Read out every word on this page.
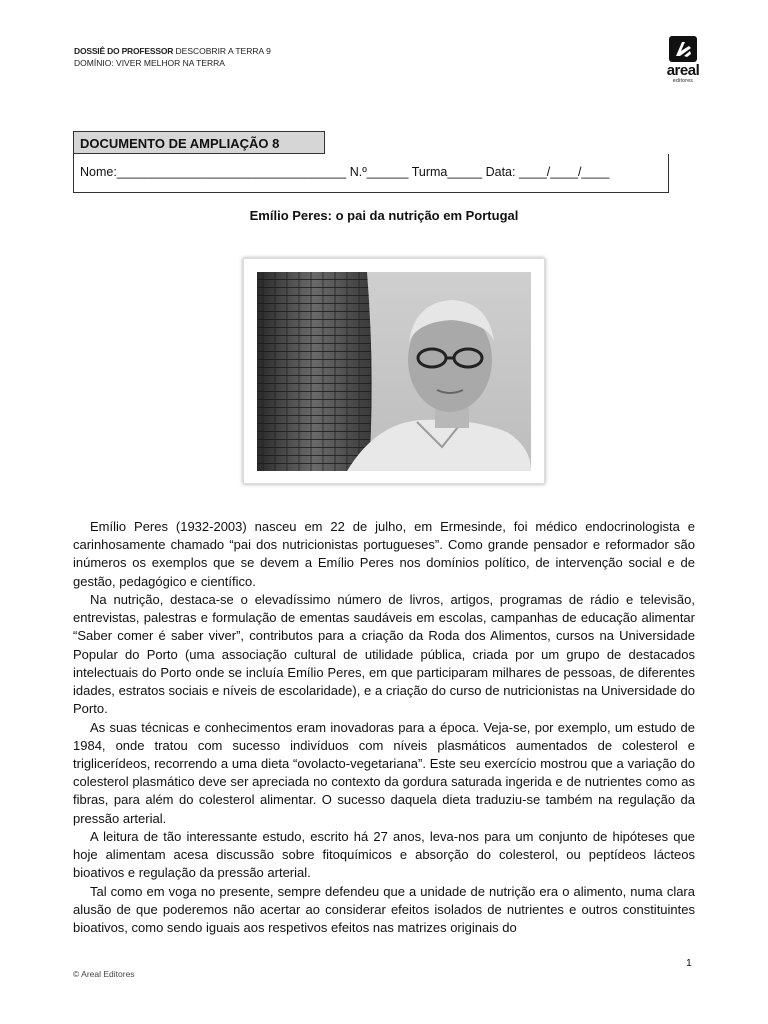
DOSSIÊ DO PROFESSOR DESCOBRIR A TERRA 9
DOMÍNIO: VIVER MELHOR NA TERRA	areal
editores
DOCUMENTO DE AMPLIAÇÃO 8
Nome:_________________________________ N.º______ Turma_____ Data: ____/____/____
Emílio Peres: o pai da nutrição em Portugal

Emílio Peres (1932-2003) nasceu em 22 de julho, em Ermesinde, foi médico endocrinologista e carinhosamente chamado “pai dos nutricionistas portugueses”. Como grande pensador e reformador são inúmeros os exemplos que se devem a Emílio Peres nos domínios político, de intervenção social e de gestão, pedagógico e científico.

Na nutrição, destaca-se o elevadíssimo número de livros, artigos, programas de rádio e televisão, entrevistas, palestras e formulação de ementas saudáveis em escolas, campanhas de educação alimentar “Saber comer é saber viver”, contributos para a criação da Roda dos Alimentos, cursos na Universidade Popular do Porto (uma associação cultural de utilidade pública, criada por um grupo de destacados intelectuais do Porto onde se incluía Emílio Peres, em que participaram milhares de pessoas, de diferentes idades, estratos sociais e níveis de escolaridade), e a criação do curso de nutricionistas na Universidade do Porto.

As suas técnicas e conhecimentos eram inovadoras para a época. Veja-se, por exemplo, um estudo de 1984, onde tratou com sucesso indivíduos com níveis plasmáticos aumentados de colesterol e triglicerídeos, recorrendo a uma dieta “ovolacto-vegetariana”. Este seu exercício mostrou que a variação do colesterol plasmático deve ser apreciada no contexto da gordura saturada ingerida e de nutrientes como as fibras, para além do colesterol alimentar. O sucesso daquela dieta traduziu-se também na regulação da pressão arterial.

A leitura de tão interessante estudo, escrito há 27 anos, leva-nos para um conjunto de hipóteses que hoje alimentam acesa discussão sobre fitoquímicos e absorção do colesterol, ou peptídeos lácteos bioativos e regulação da pressão arterial.

Tal como em voga no presente, sempre defendeu que a unidade de nutrição era o alimento, numa clara alusão de que poderemos não acertar ao considerar efeitos isolados de nutrientes e outros constituintes bioativos, como sendo iguais aos respetivos efeitos nas matrizes originais do

1
© Areal Editores
